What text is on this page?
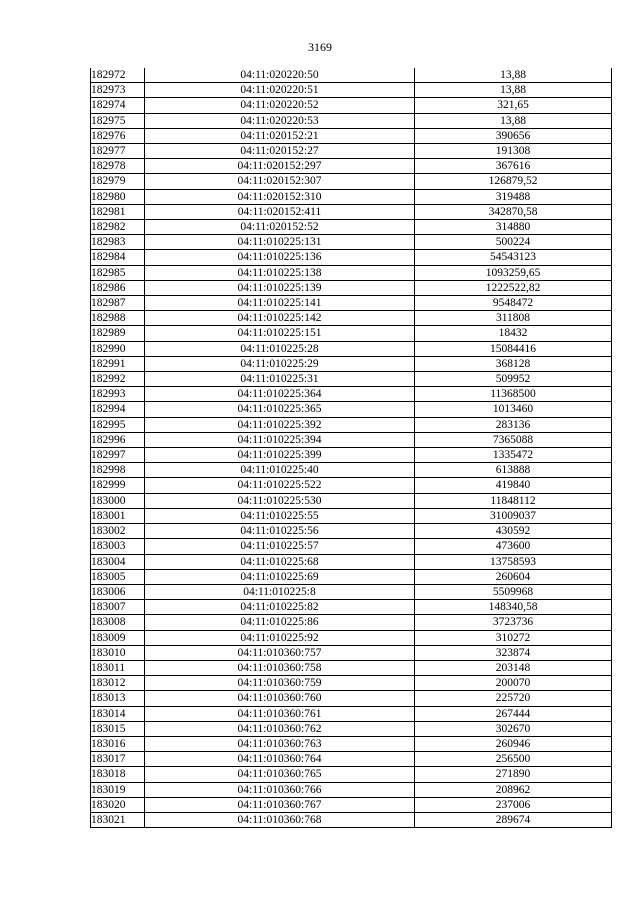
3169
182972	04:11:020220:50	13,88
182973	04:11:020220:51	13,88
182974	04:11:020220:52	321,65
182975	04:11:020220:53	13,88
182976	04:11:020152:21	390656
182977	04:11:020152:27	191308
182978	04:11:020152:297	367616
182979	04:11:020152:307	126879,52
182980	04:11:020152:310	319488
182981	04:11:020152:411	342870,58
182982	04:11:020152:52	314880
182983	04:11:010225:131	500224
182984	04:11:010225:136	54543123
182985	04:11:010225:138	1093259,65
182986	04:11:010225:139	1222522,82
182987	04:11:010225:141	9548472
182988	04:11:010225:142	311808
182989	04:11:010225:151	18432
182990	04:11:010225:28	15084416
182991	04:11:010225:29	368128
182992	04:11:010225:31	509952
182993	04:11:010225:364	11368500
182994	04:11:010225:365	1013460
182995	04:11:010225:392	283136
182996	04:11:010225:394	7365088
182997	04:11:010225:399	1335472
182998	04:11:010225:40	613888
182999	04:11:010225:522	419840
183000	04:11:010225:530	11848112
183001	04:11:010225:55	31009037
183002	04:11:010225:56	430592
183003	04:11:010225:57	473600
183004	04:11:010225:68	13758593
183005	04:11:010225:69	260604
183006	04:11:010225:8	5509968
183007	04:11:010225:82	148340,58
183008	04:11:010225:86	3723736
183009	04:11:010225:92	310272
183010	04:11:010360:757	323874
183011	04:11:010360:758	203148
183012	04:11:010360:759	200070
183013	04:11:010360:760	225720
183014	04:11:010360:761	267444
183015	04:11:010360:762	302670
183016	04:11:010360:763	260946
183017	04:11:010360:764	256500
183018	04:11:010360:765	271890
183019	04:11:010360:766	208962
183020	04:11:010360:767	237006
183021	04:11:010360:768	289674
